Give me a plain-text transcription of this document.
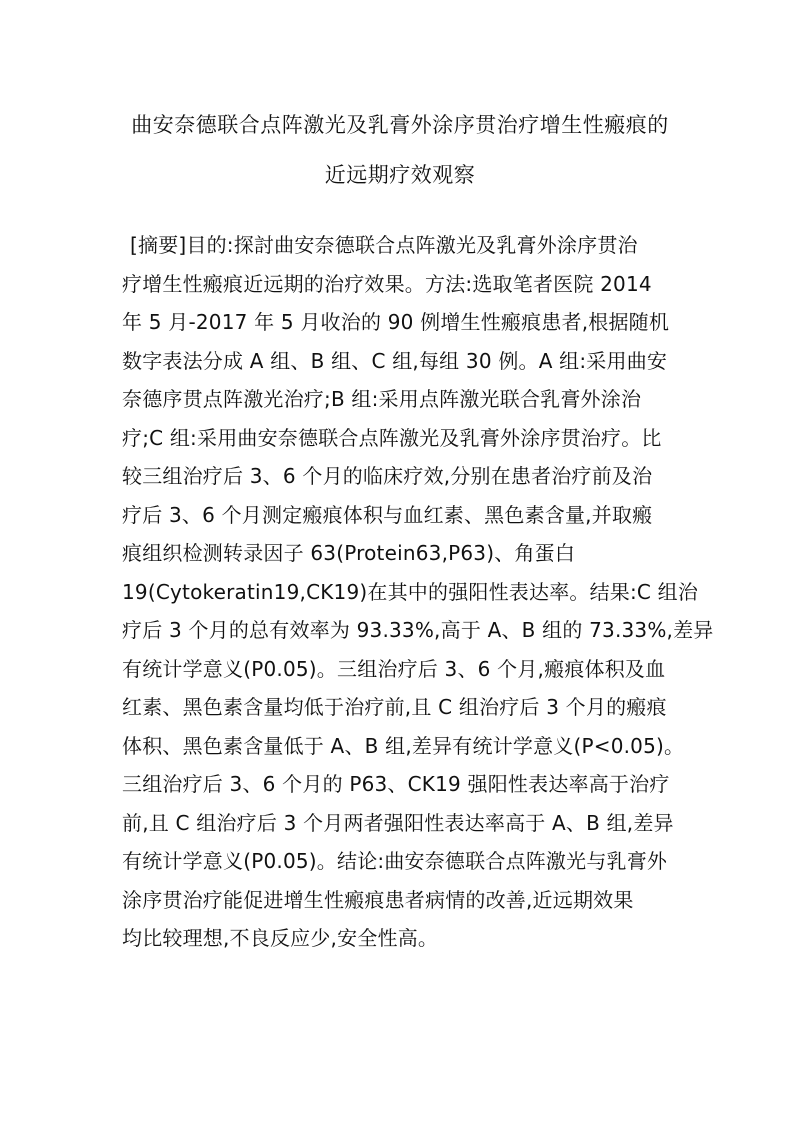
曲安奈德联合点阵激光及乳膏外涂序贯治疗增生性瘢痕的
近远期疗效观察
[摘要]目的:探討曲安奈德联合点阵激光及乳膏外涂序贯治
疗增生性瘢痕近远期的治疗效果。方法:选取笔者医院 2014
年 5 月-2017 年 5 月收治的 90 例增生性瘢痕患者,根据随机
数字表法分成 A 组、B 组、C 组,每组 30 例。A 组:采用曲安
奈德序贯点阵激光治疗;B 组:采用点阵激光联合乳膏外涂治
疗;C 组:采用曲安奈德联合点阵激光及乳膏外涂序贯治疗。比
较三组治疗后 3、6 个月的临床疗效,分别在患者治疗前及治
疗后 3、6 个月测定瘢痕体积与血红素、黑色素含量,并取瘢
痕组织检测转录因子 63(Protein63,P63)、角蛋白
19(Cytokeratin19,CK19)在其中的强阳性表达率。结果:C 组治
疗后 3 个月的总有效率为 93.33%,高于 A、B 组的 73.33%,差异
有统计学意义(P0.05)。三组治疗后 3、6 个月,瘢痕体积及血
红素、黑色素含量均低于治疗前,且 C 组治疗后 3 个月的瘢痕
体积、黑色素含量低于 A、B 组,差异有统计学意义(P<0.05)。
三组治疗后 3、6 个月的 P63、CK19 强阳性表达率高于治疗
前,且 C 组治疗后 3 个月两者强阳性表达率高于 A、B 组,差异
有统计学意义(P0.05)。结论:曲安奈德联合点阵激光与乳膏外
涂序贯治疗能促进增生性瘢痕患者病情的改善,近远期效果
均比较理想,不良反应少,安全性高。
